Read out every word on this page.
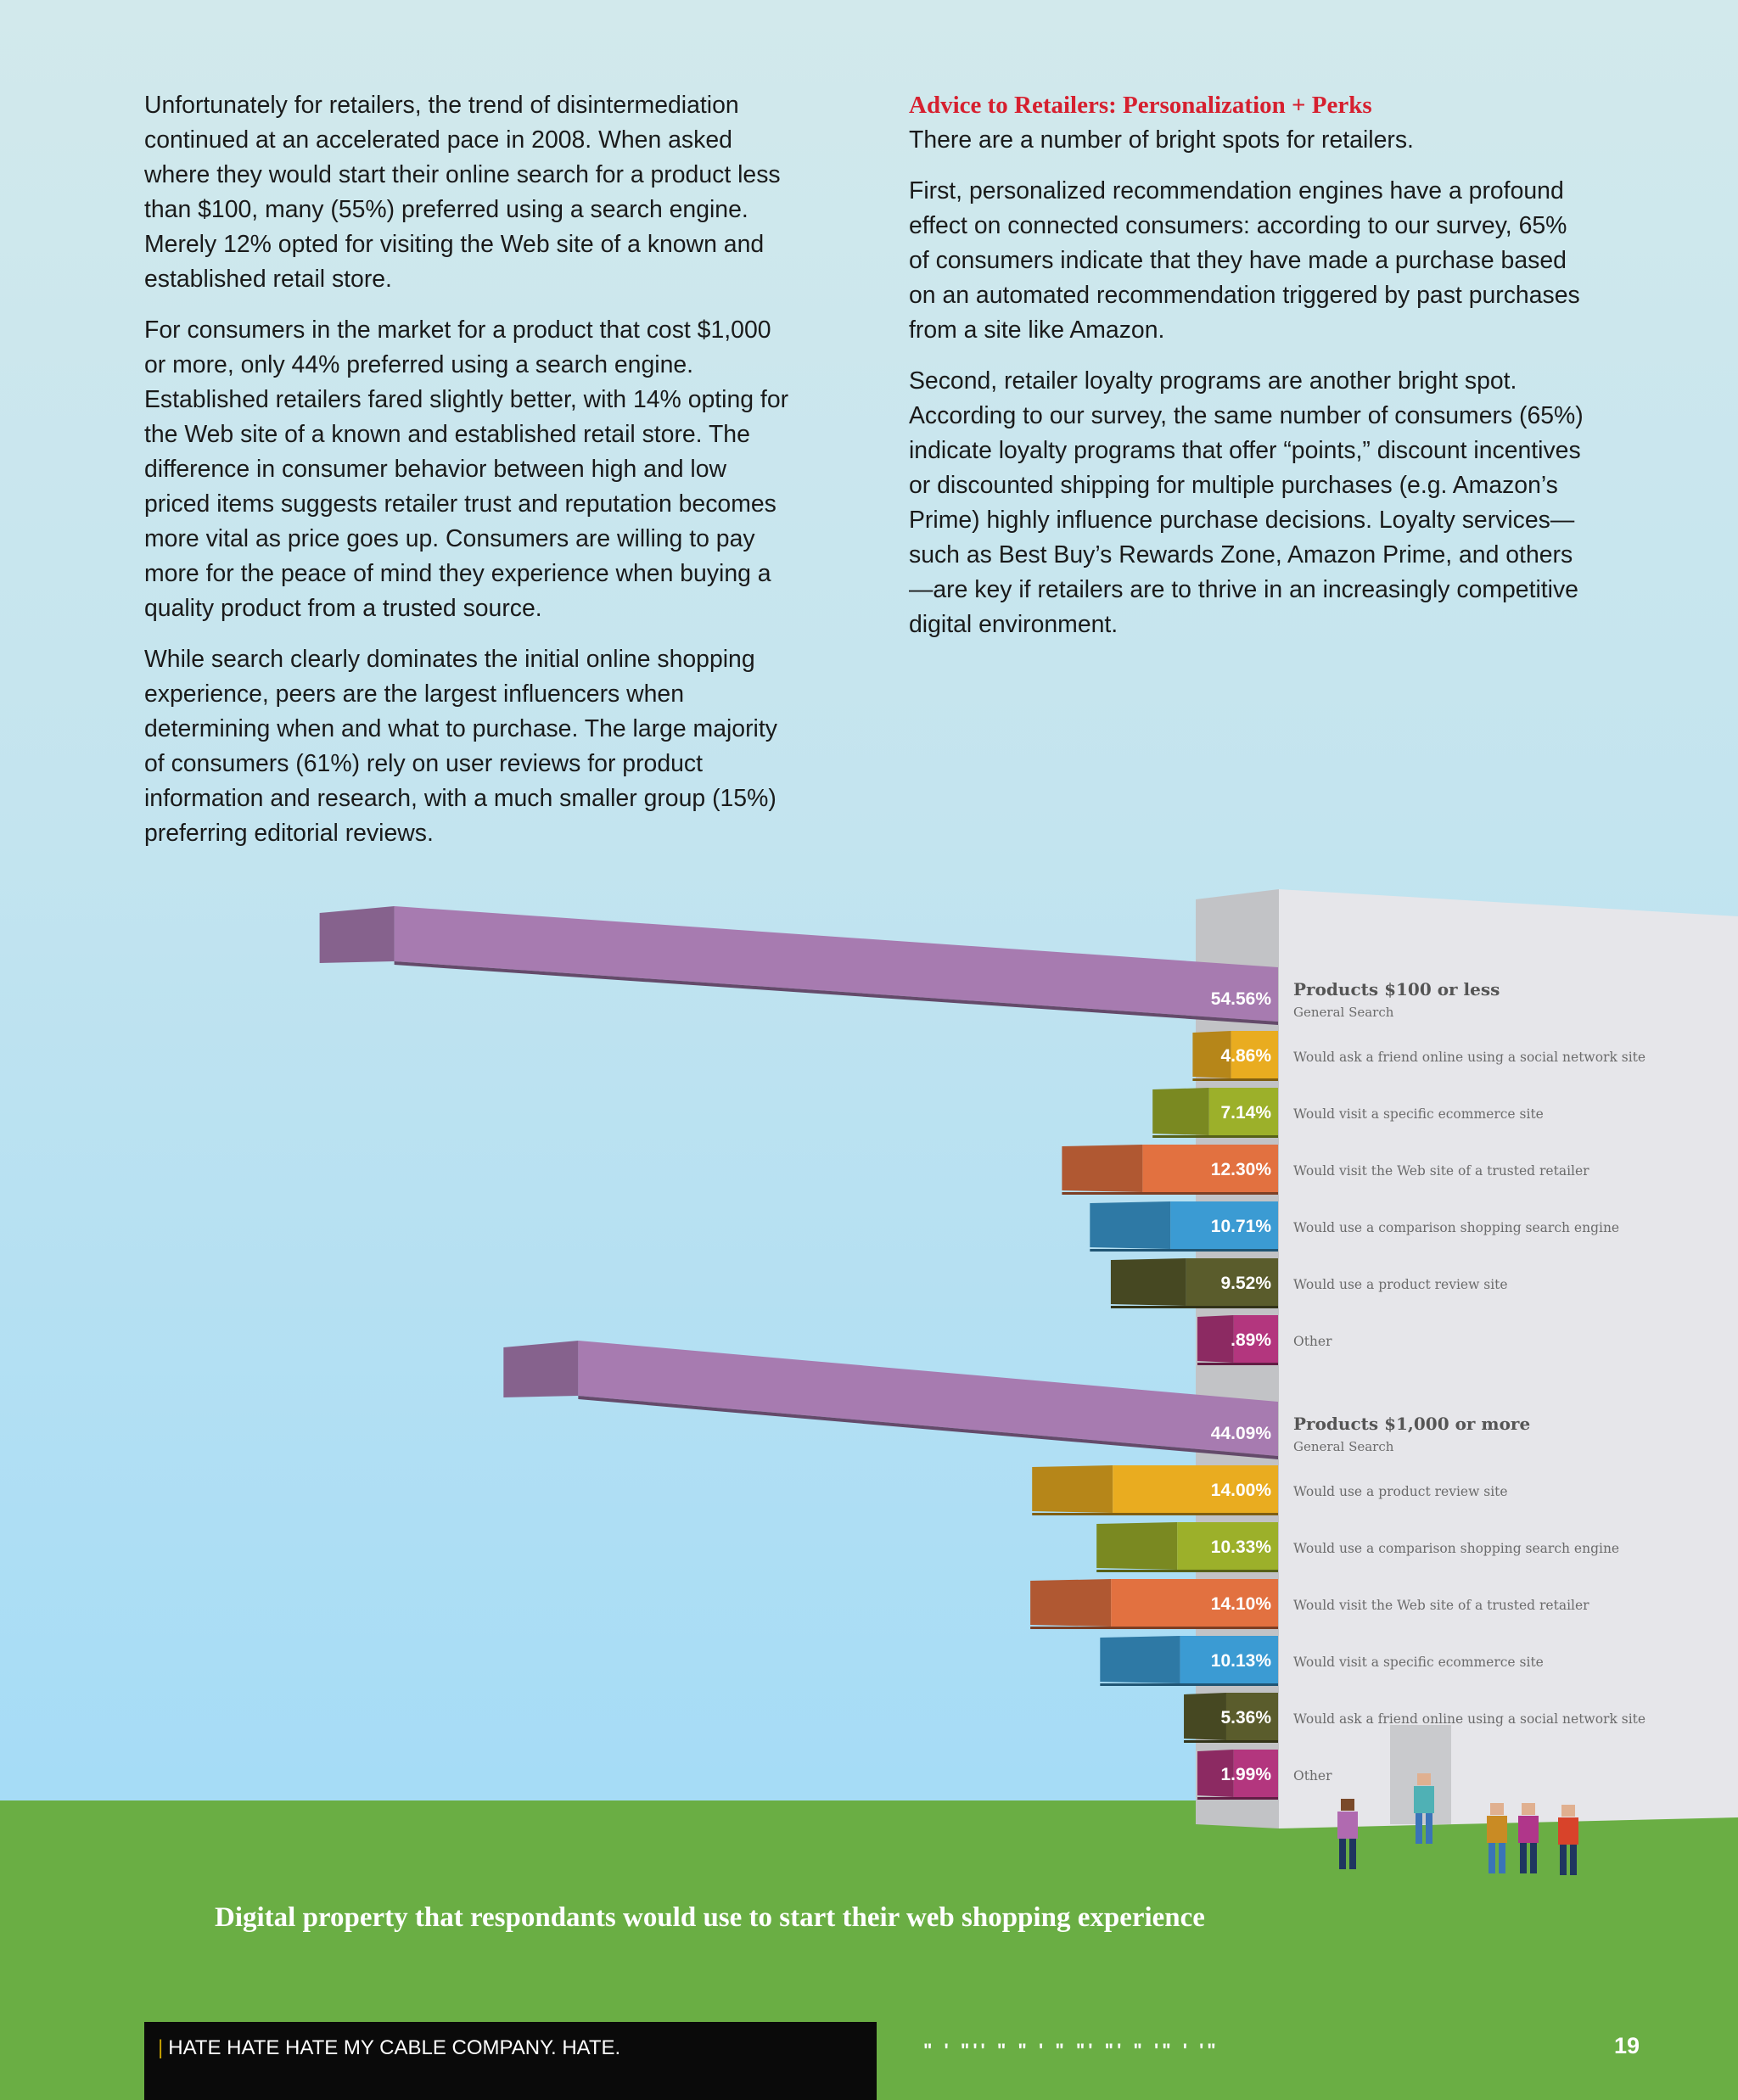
Unfortunately for retailers, the trend of disintermediation continued at an accelerated pace in 2008. When asked where they would start their online search for a product less than $100, many (55%) preferred using a search engine. Merely 12% opted for visiting the Web site of a known and established retail store.

For consumers in the market for a product that cost $1,000 or more, only 44% preferred using a search engine. Established retailers fared slightly better, with 14% opting for the Web site of a known and established retail store. The difference in consumer behavior between high and low priced items suggests retailer trust and reputation becomes more vital as price goes up. Consumers are willing to pay more for the peace of mind they experience when buying a quality product from a trusted source.

While search clearly dominates the initial online shopping experience, peers are the largest influencers when determining when and what to purchase. The large majority of consumers (61%) rely on user reviews for product information and research, with a much smaller group (15%) preferring editorial reviews.

Advice to Retailers: Personalization + Perks

There are a number of bright spots for retailers.

First, personalized recommendation engines have a profound effect on connected consumers: according to our survey, 65% of consumers indicate that they have made a purchase based on an automated recommendation triggered by past purchases from a site like Amazon.

Second, retailer loyalty programs are another bright spot. According to our survey, the same number of consumers (65%) indicate loyalty programs that offer “points,” discount incentives or discounted shipping for multiple purchases (e.g. Amazon’s Prime) highly influence purchase decisions. Loyalty services—such as Best Buy’s Rewards Zone, Amazon Prime, and others—are key if retailers are to thrive in an increasingly competitive digital environment.

54.56%
General Search
Products $100 or less
4.86% Would ask a friend online using a social network site
7.14% Would visit a specific ecommerce site
12.30% Would visit the Web site of a trusted retailer
10.71% Would use a comparison shopping search engine
9.52% Would use a product review site
.89% Other
44.09%
General Search
Products $1,000 or more
14.00% Would use a product review site
10.33% Would use a comparison shopping search engine
14.10% Would visit the Web site of a trusted retailer
10.13% Would visit a specific ecommerce site
5.36% Would ask a friend online using a social network site
1.99% Other
Digital property that respondants would use to start their web shopping experience
| HATE HATE HATE MY CABLE COMPANY. HATE.	" ' "'' " " ' " "' "' " '" ' '"	19
